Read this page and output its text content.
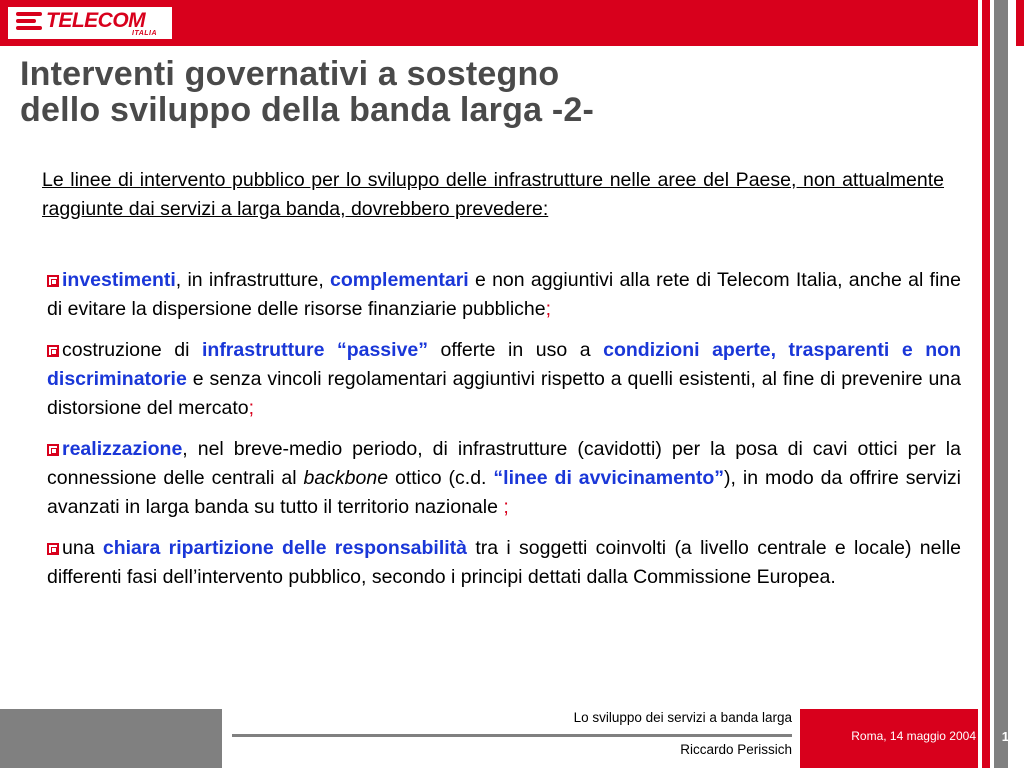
TELECOM
ITALIA
Interventi governativi a sostegno
dello sviluppo della banda larga -2-
Le linee di intervento pubblico per lo sviluppo delle infrastrutture nelle aree del Paese, non attualmente raggiunte dai servizi a larga banda, dovrebbero prevedere:
investimenti, in infrastrutture, complementari e non aggiuntivi alla rete di Telecom Italia, anche al fine di evitare la dispersione delle risorse finanziarie pubbliche;
costruzione di infrastrutture “passive” offerte in uso a condizioni aperte, trasparenti e non discriminatorie e senza vincoli regolamentari aggiuntivi rispetto a quelli esistenti, al fine di prevenire una distorsione del mercato;
realizzazione, nel breve-medio periodo, di infrastrutture (cavidotti) per la posa di cavi ottici per la connessione delle centrali al backbone ottico (c.d. “linee di avvicinamento”), in modo da offrire servizi avanzati in larga banda su tutto il territorio nazionale ;
una chiara ripartizione delle responsabilità tra i soggetti coinvolti (a livello centrale e locale) nelle differenti fasi dell’intervento pubblico, secondo i principi dettati dalla Commissione Europea.
Lo sviluppo dei servizi a banda larga
Riccardo Perissich
Roma, 14 maggio 2004	19
